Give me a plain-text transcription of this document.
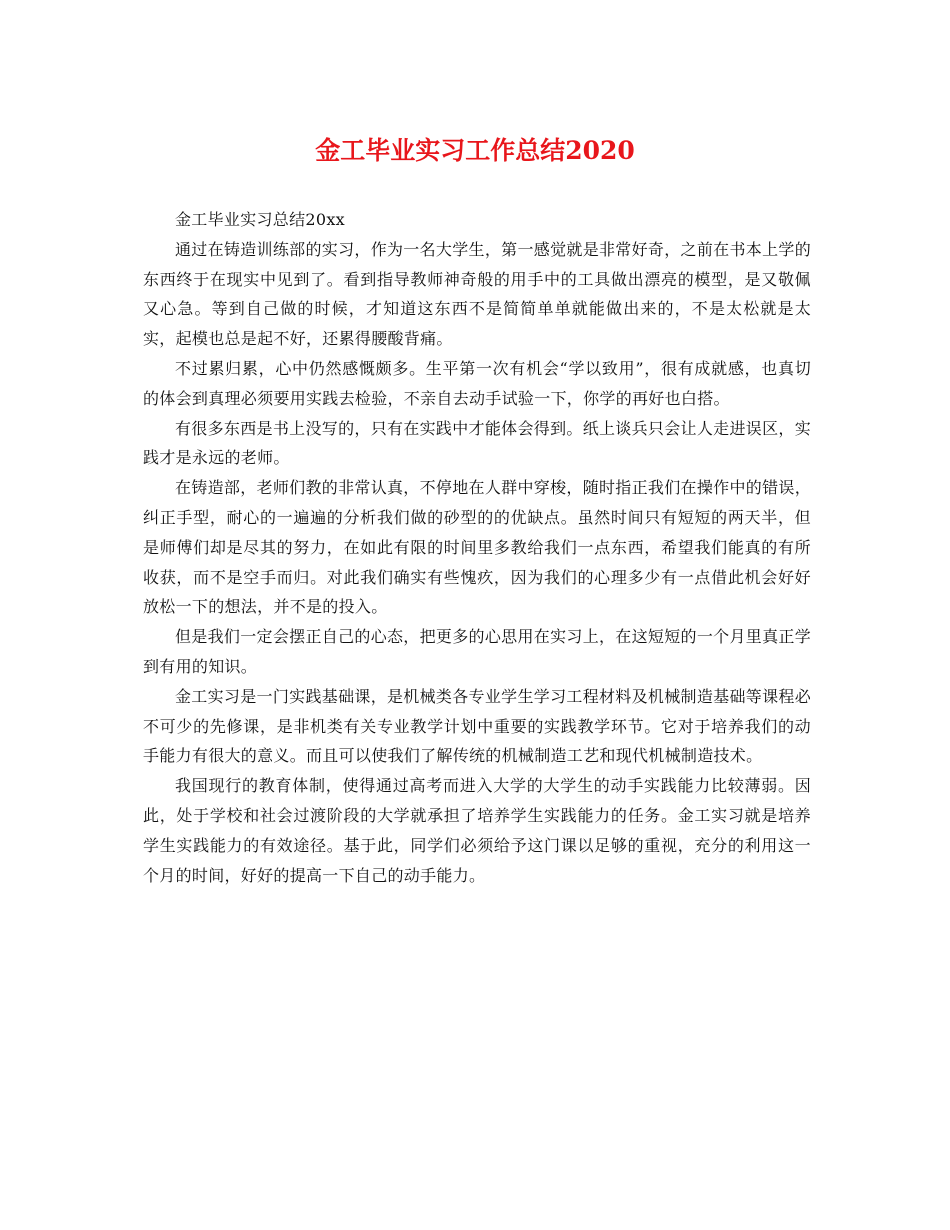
金工毕业实习工作总结2020

金工毕业实习总结20xx

通过在铸造训练部的实习，作为一名大学生，第一感觉就是非常好奇，之前在书本上学的东西终于在现实中见到了。看到指导教师神奇般的用手中的工具做出漂亮的模型，是又敬佩又心急。等到自己做的时候，才知道这东西不是简简单单就能做出来的，不是太松就是太实，起模也总是起不好，还累得腰酸背痛。

不过累归累，心中仍然感慨颇多。生平第一次有机会“学以致用”，很有成就感，也真切的体会到真理必须要用实践去检验，不亲自去动手试验一下，你学的再好也白搭。

有很多东西是书上没写的，只有在实践中才能体会得到。纸上谈兵只会让人走进误区，实践才是永远的老师。

在铸造部，老师们教的非常认真，不停地在人群中穿梭，随时指正我们在操作中的错误，纠正手型，耐心的一遍遍的分析我们做的砂型的的优缺点。虽然时间只有短短的两天半，但是师傅们却是尽其的努力，在如此有限的时间里多教给我们一点东西，希望我们能真的有所收获，而不是空手而归。对此我们确实有些愧疚，因为我们的心理多少有一点借此机会好好放松一下的想法，并不是的投入。

但是我们一定会摆正自己的心态，把更多的心思用在实习上，在这短短的一个月里真正学到有用的知识。

金工实习是一门实践基础课，是机械类各专业学生学习工程材料及机械制造基础等课程必不可少的先修课，是非机类有关专业教学计划中重要的实践教学环节。它对于培养我们的动手能力有很大的意义。而且可以使我们了解传统的机械制造工艺和现代机械制造技术。

我国现行的教育体制，使得通过高考而进入大学的大学生的动手实践能力比较薄弱。因此，处于学校和社会过渡阶段的大学就承担了培养学生实践能力的任务。金工实习就是培养学生实践能力的有效途径。基于此，同学们必须给予这门课以足够的重视，充分的利用这一个月的时间，好好的提高一下自己的动手能力。
